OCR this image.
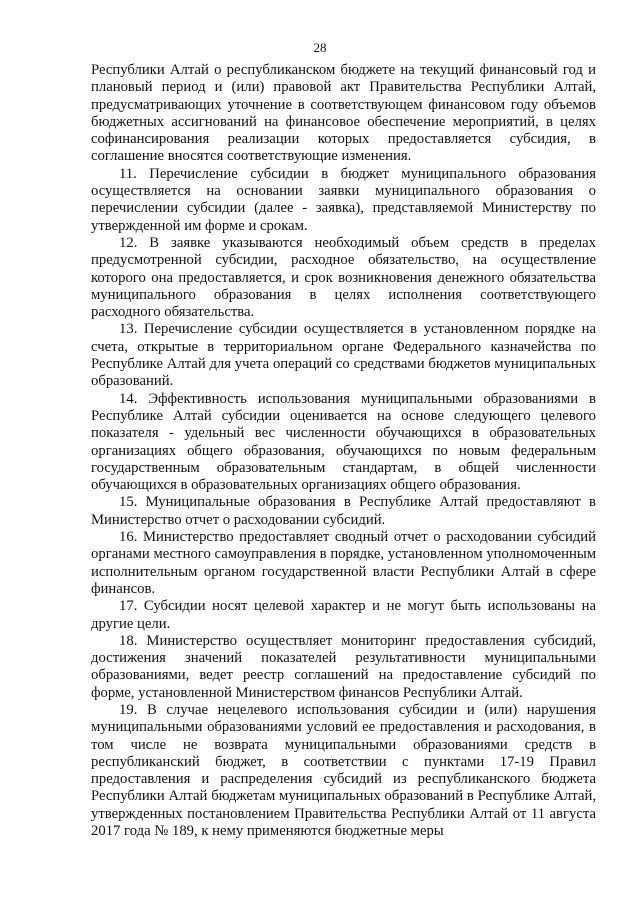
28

Республики Алтай о республиканском бюджете на текущий финансовый год и плановый период и (или) правовой акт Правительства Республики Алтай, предусматривающих уточнение в соответствующем финансовом году объемов бюджетных ассигнований на финансовое обеспечение мероприятий, в целях софинансирования реализации которых предоставляется субсидия, в соглашение вносятся соответствующие изменения.

11. Перечисление субсидии в бюджет муниципального образования осуществляется на основании заявки муниципального образования о перечислении субсидии (далее - заявка), представляемой Министерству по утвержденной им форме и срокам.

12. В заявке указываются необходимый объем средств в пределах предусмотренной субсидии, расходное обязательство, на осуществление которого она предоставляется, и срок возникновения денежного обязательства муниципального образования в целях исполнения соответствующего расходного обязательства.

13. Перечисление субсидии осуществляется в установленном порядке на счета, открытые в территориальном органе Федерального казначейства по Республике Алтай для учета операций со средствами бюджетов муниципальных образований.

14. Эффективность использования муниципальными образованиями в Республике Алтай субсидии оценивается на основе следующего целевого показателя - удельный вес численности обучающихся в образовательных организациях общего образования, обучающихся по новым федеральным государственным образовательным стандартам, в общей численности обучающихся в образовательных организациях общего образования.

15. Муниципальные образования в Республике Алтай предоставляют в Министерство отчет о расходовании субсидий.

16. Министерство предоставляет сводный отчет о расходовании субсидий органами местного самоуправления в порядке, установленном уполномоченным исполнительным органом государственной власти Республики Алтай в сфере финансов.

17. Субсидии носят целевой характер и не могут быть использованы на другие цели.

18. Министерство осуществляет мониторинг предоставления субсидий, достижения значений показателей результативности муниципальными образованиями, ведет реестр соглашений на предоставление субсидий по форме, установленной Министерством финансов Республики Алтай.

19. В случае нецелевого использования субсидии и (или) нарушения муниципальными образованиями условий ее предоставления и расходования, в том числе не возврата муниципальными образованиями средств в республиканский бюджет, в соответствии с пунктами 17-19 Правил предоставления и распределения субсидий из республиканского бюджета Республики Алтай бюджетам муниципальных образований в Республике Алтай, утвержденных постановлением Правительства Республики Алтай от 11 августа 2017 года № 189, к нему применяются бюджетные меры
